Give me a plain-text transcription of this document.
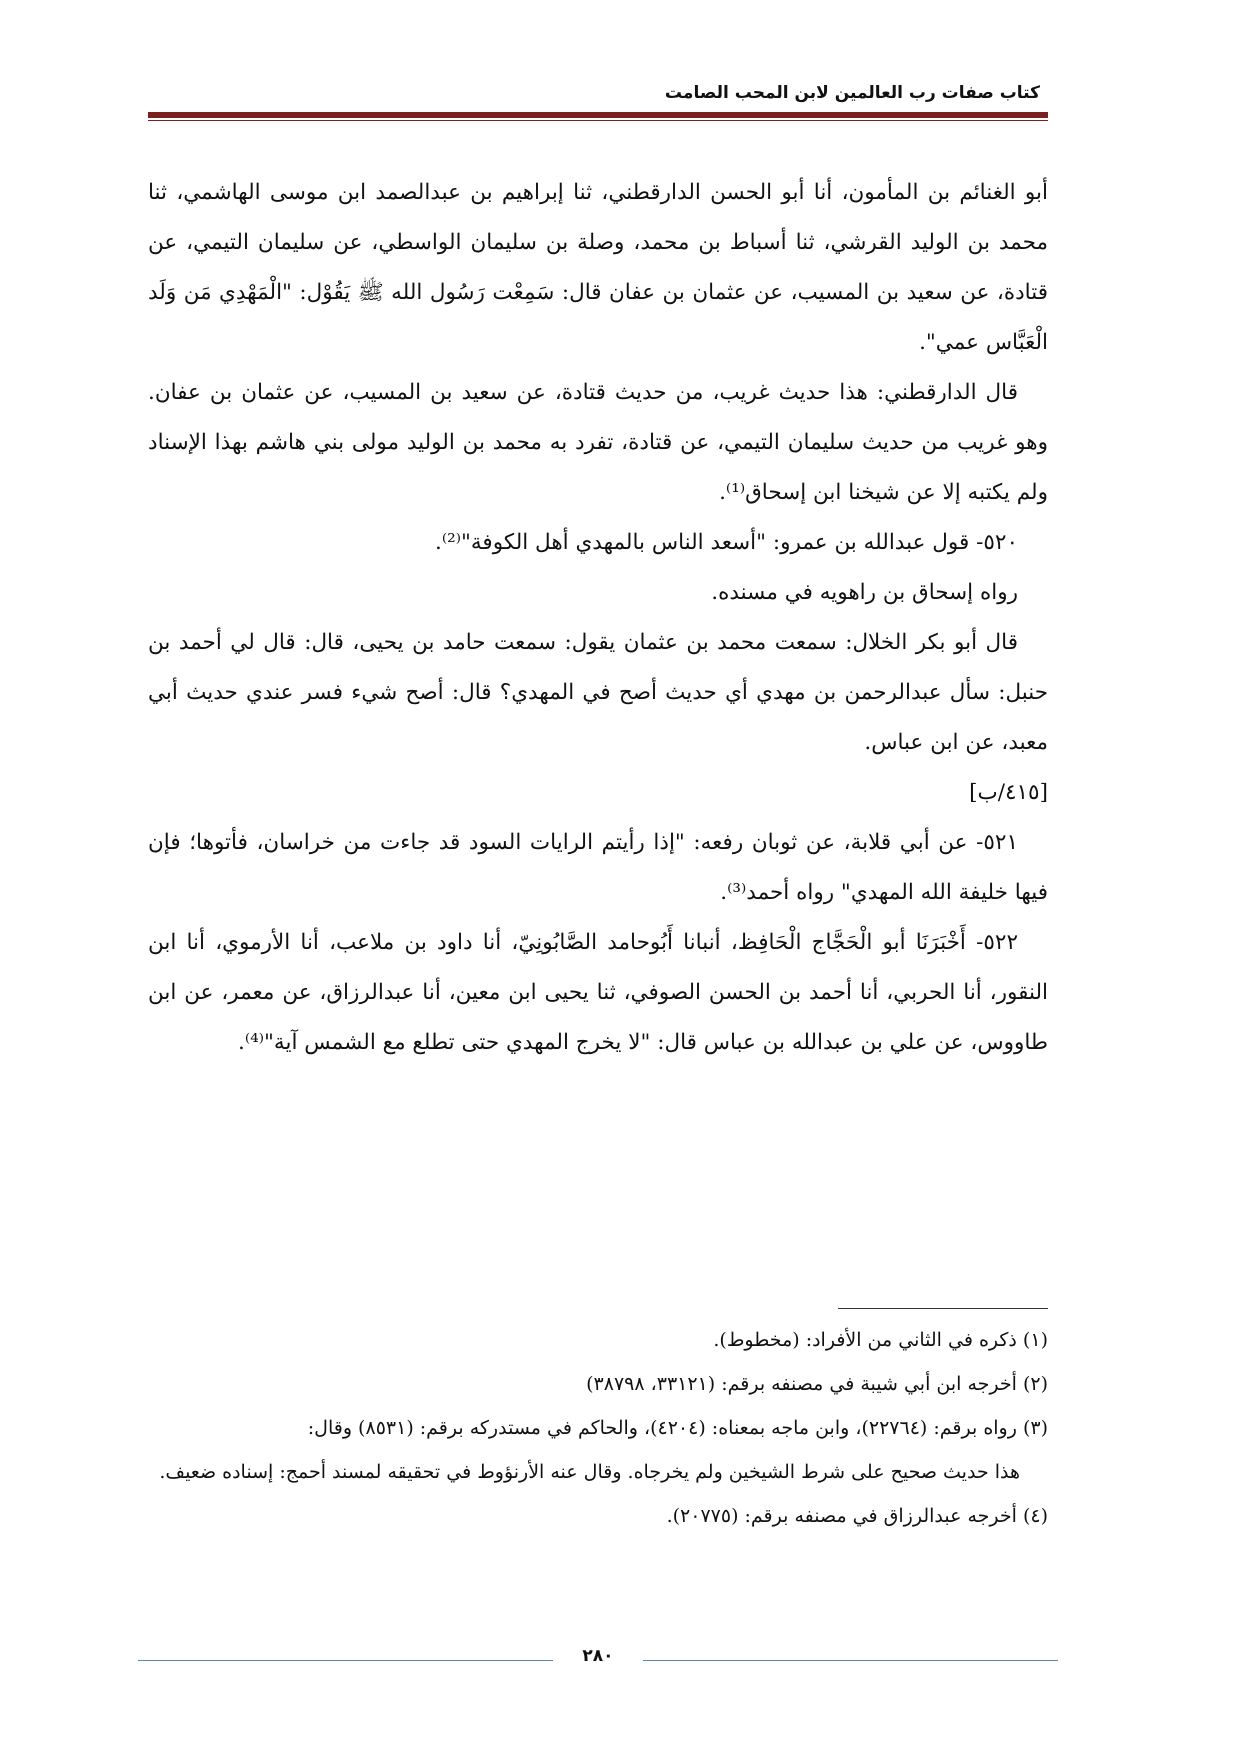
كتاب صفات رب العالمين لابن المحب الصامت

أبو الغنائم بن المأمون، أنا أبو الحسن الدارقطني، ثنا إبراهيم بن عبدالصمد ابن موسى الهاشمي، ثنا محمد بن الوليد القرشي، ثنا أسباط بن محمد، وصلة بن سليمان الواسطي، عن سليمان التيمي، عن قتادة، عن سعيد بن المسيب، عن عثمان بن عفان قال: سَمِعْت رَسُول الله ﷺ يَقُوْل: "الْمَهْدِي مَن وَلَد الْعَبَّاس عمي".

قال الدارقطني: هذا حديث غريب، من حديث قتادة، عن سعيد بن المسيب، عن عثمان بن عفان. وهو غريب من حديث سليمان التيمي، عن قتادة، تفرد به محمد بن الوليد مولى بني هاشم بهذا الإسناد ولم يكتبه إلا عن شيخنا ابن إسحاق⁽¹⁾.

٥٢٠- قول عبدالله بن عمرو: "أسعد الناس بالمهدي أهل الكوفة"⁽²⁾.

رواه إسحاق بن راهويه في مسنده.

قال أبو بكر الخلال: سمعت محمد بن عثمان يقول: سمعت حامد بن يحيى، قال: قال لي أحمد بن حنبل: سأل عبدالرحمن بن مهدي أي حديث أصح في المهدي؟ قال: أصح شيء فسر عندي حديث أبي معبد، عن ابن عباس.

[٤١٥/ب]

٥٢١- عن أبي قلابة، عن ثوبان رفعه: "إذا رأيتم الرايات السود قد جاءت من خراسان، فأتوها؛ فإن فيها خليفة الله المهدي" رواه أحمد⁽³⁾.

٥٢٢- أَخْبَرَنَا أبو الْحَجَّاج الْحَافِظ، أنبانا أَبُوحامد الصَّابُونِيّ، أنا داود بن ملاعب، أنا الأرموي، أنا ابن النقور، أنا الحربي، أنا أحمد بن الحسن الصوفي، ثنا يحيى ابن معين، أنا عبدالرزاق، عن معمر، عن ابن طاووس، عن علي بن عبدالله بن عباس قال: "لا يخرج المهدي حتى تطلع مع الشمس آية"⁽⁴⁾.

(١) ذكره في الثاني من الأفراد: (مخطوط).

(٢) أخرجه ابن أبي شيبة في مصنفه برقم: (٣٣١٢١، ٣٨٧٩٨)

(٣) رواه برقم: (٢٢٧٦٤)، وابن ماجه بمعناه: (٤٢٠٤)، والحاكم في مستدركه برقم: (٨٥٣١) وقال:

هذا حديث صحيح على شرط الشيخين ولم يخرجاه. وقال عنه الأرنؤوط في تحقيقه لمسند أحمج: إسناده ضعيف.

(٤) أخرجه عبدالرزاق في مصنفه برقم: (٢٠٧٧٥).

٢٨٠
